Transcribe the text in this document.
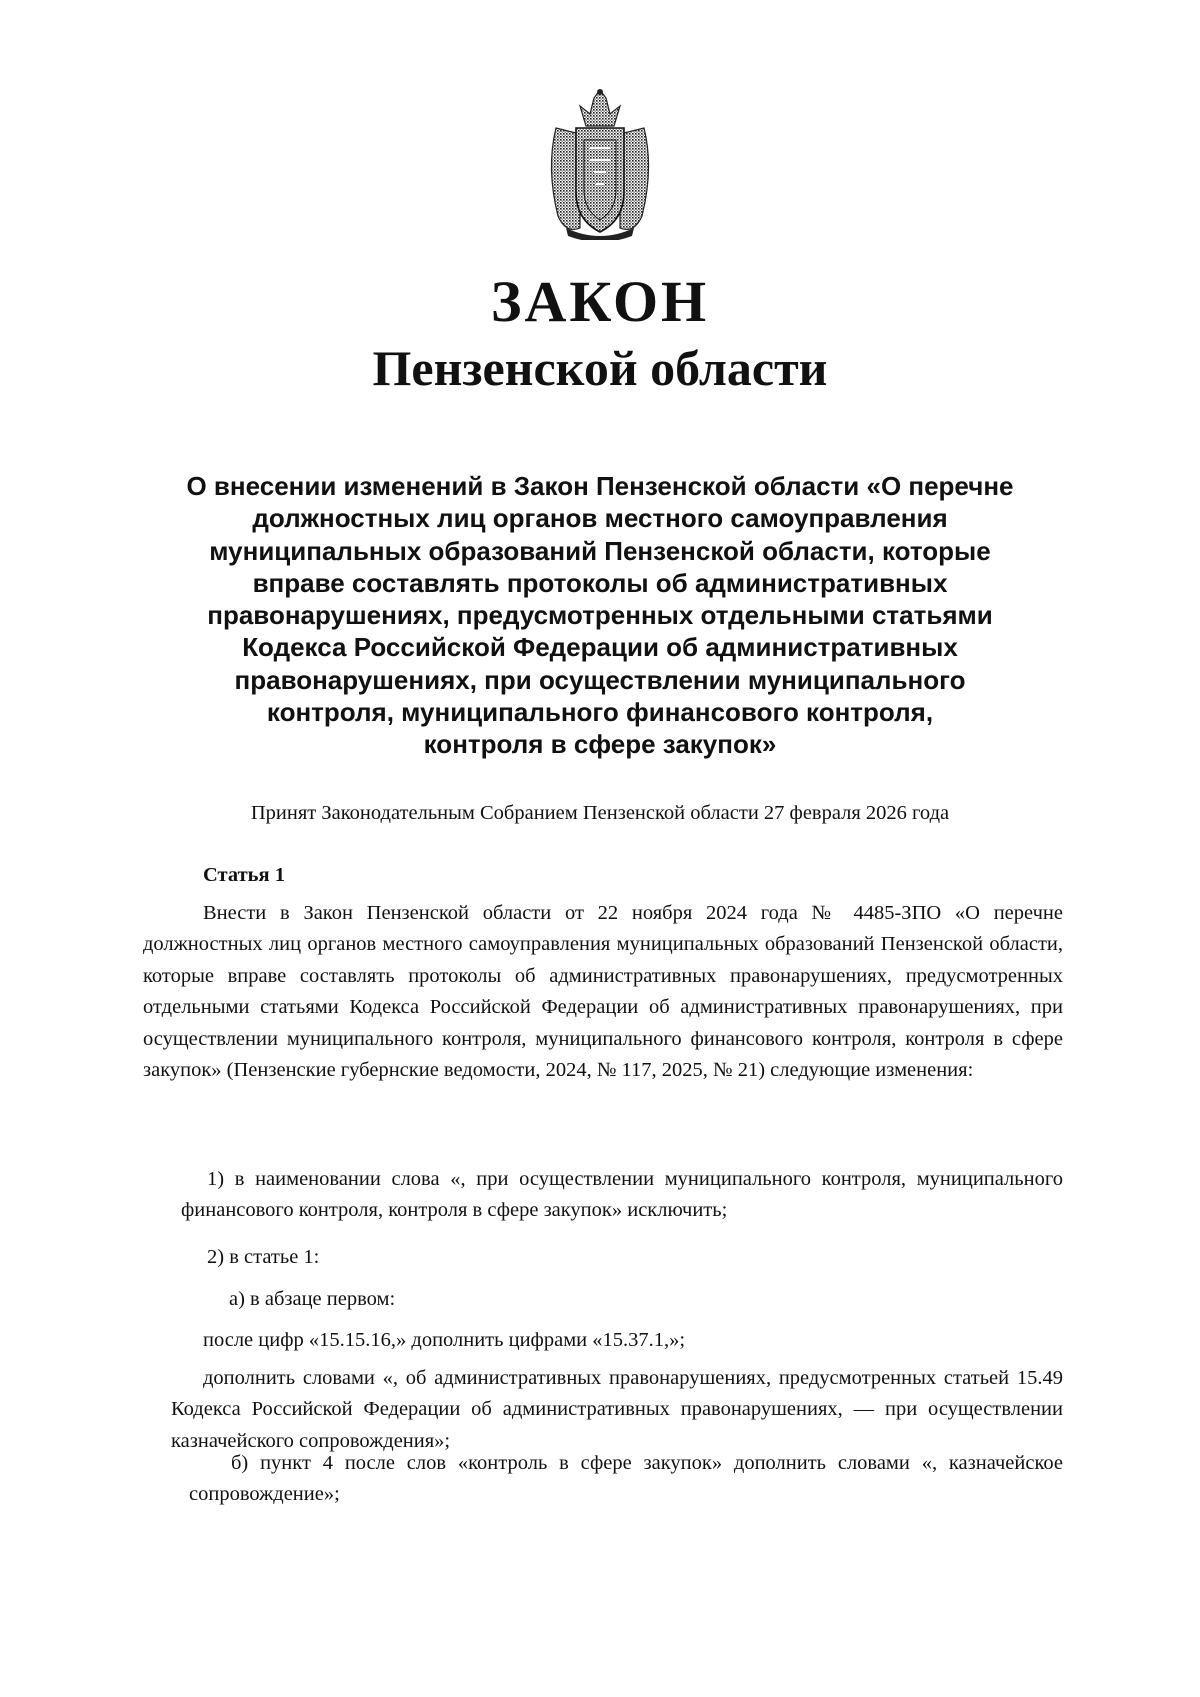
ЗАКОН
Пензенской области
О внесении изменений в Закон Пензенской области «О перечне
должностных лиц органов местного самоуправления
муниципальных образований Пензенской области, которые
вправе составлять протоколы об административных
правонарушениях, предусмотренных отдельными статьями
Кодекса Российской Федерации об административных
правонарушениях, при осуществлении муниципального
контроля, муниципального финансового контроля,
контроля в сфере закупок»
Принят Законодательным Собранием Пензенской области 27 февраля 2026 года
Статья 1

Внести в Закон Пензенской области от 22 ноября 2024 года № 4485-ЗПО «О перечне должностных лиц органов местного самоуправления муниципальных образований Пензенской области, которые вправе составлять протоколы об административных правонарушениях, предусмотренных отдельными статьями Кодекса Российской Федерации об административных правонарушениях, при осуществлении муниципального контроля, муниципального финансового контроля, контроля в сфере закупок» (Пензенские губернские ведомости, 2024, № 117, 2025, № 21) следующие изменения:

1) в наименовании слова «, при осуществлении муниципального контроля, муниципального финансового контроля, контроля в сфере закупок» исключить;

2) в статье 1:
а) в абзаце первом:
после цифр «15.15.16,» дополнить цифрами «15.37.1,»;

дополнить словами «, об административных правонарушениях, предусмотренных статьей 15.49 Кодекса Российской Федерации об административных правонарушениях, — при осуществлении казначейского сопровождения»;

б) пункт 4 после слов «контроль в сфере закупок» дополнить словами «, казначейское сопровождение»;
